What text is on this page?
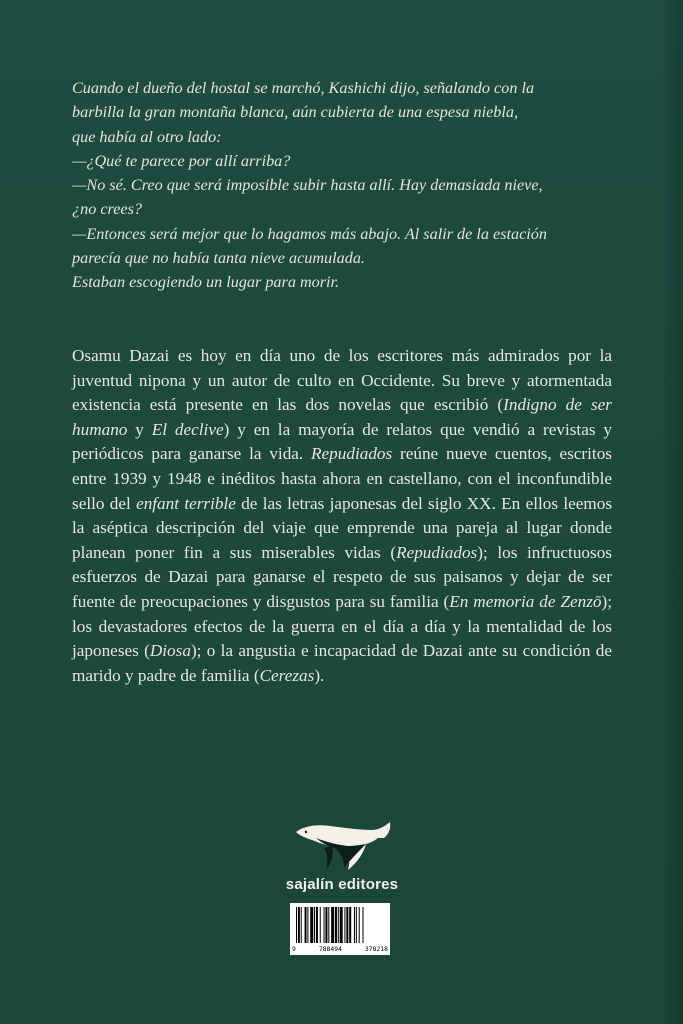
Cuando el dueño del hostal se marchó, Kashichi dijo, señalando con la

barbilla la gran montaña blanca, aún cubierta de una espesa niebla,

que había al otro lado:

—¿Qué te parece por allí arriba?

—No sé. Creo que será imposible subir hasta allí. Hay demasiada nieve,

¿no crees?

—Entonces será mejor que lo hagamos más abajo. Al salir de la estación

parecía que no había tanta nieve acumulada.

Estaban escogiendo un lugar para morir.

Osamu Dazai es hoy en día uno de los escritores más admirados por la juventud nipona y un autor de culto en Occidente. Su breve y atormentada existencia está presente en las dos novelas que escribió (Indigno de ser humano y El declive) y en la mayoría de relatos que vendió a revistas y periódicos para ganarse la vida. Repudiados reúne nueve cuentos, escritos entre 1939 y 1948 e inéditos hasta ahora en castellano, con el inconfundible sello del enfant terrible de las letras japonesas del siglo XX. En ellos leemos la aséptica descripción del viaje que emprende una pareja al lugar donde planean poner fin a sus miserables vidas (Repudiados); los infructuosos esfuerzos de Dazai para ganarse el respeto de sus paisanos y dejar de ser fuente de preocupaciones y disgustos para su familia (En memoria de Zenzō); los devastadores efectos de la guerra en el día a día y la mentalidad de los japoneses (Diosa); o la angustia e incapacidad de Dazai ante su condición de marido y padre de familia (Cerezas).

sajalín editores
9	788494	378218
